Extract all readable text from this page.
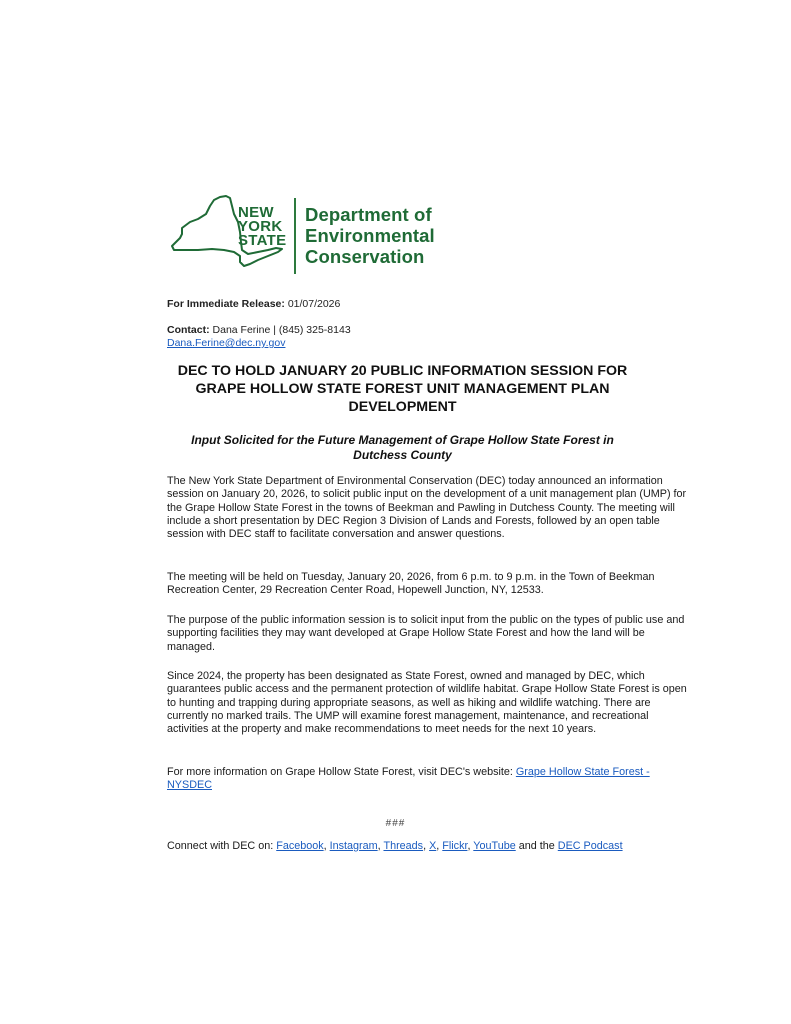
NEW
YORK
STATE
Department of
Environmental
Conservation
For Immediate Release: 01/07/2026
Contact: Dana Ferine | (845) 325-8143
Dana.Ferine@dec.ny.gov
DEC TO HOLD JANUARY 20 PUBLIC INFORMATION SESSION FOR GRAPE HOLLOW STATE FOREST UNIT MANAGEMENT PLAN DEVELOPMENT
Input Solicited for the Future Management of Grape Hollow State Forest in Dutchess County
The New York State Department of Environmental Conservation (DEC) today announced an information session on January 20, 2026, to solicit public input on the development of a unit management plan (UMP) for the Grape Hollow State Forest in the towns of Beekman and Pawling in Dutchess County. The meeting will include a short presentation by DEC Region 3 Division of Lands and Forests, followed by an open table session with DEC staff to facilitate conversation and answer questions.
The meeting will be held on Tuesday, January 20, 2026, from 6 p.m. to 9 p.m. in the Town of Beekman Recreation Center, 29 Recreation Center Road, Hopewell Junction, NY, 12533.
The purpose of the public information session is to solicit input from the public on the types of public use and supporting facilities they may want developed at Grape Hollow State Forest and how the land will be managed.
Since 2024, the property has been designated as State Forest, owned and managed by DEC, which guarantees public access and the permanent protection of wildlife habitat. Grape Hollow State Forest is open to hunting and trapping during appropriate seasons, as well as hiking and wildlife watching. There are currently no marked trails. The UMP will examine forest management, maintenance, and recreational activities at the property and make recommendations to meet needs for the next 10 years.
For more information on Grape Hollow State Forest, visit DEC's website: Grape Hollow State Forest - NYSDEC
###
Connect with DEC on: Facebook, Instagram, Threads, X, Flickr, YouTube and the DEC Podcast
